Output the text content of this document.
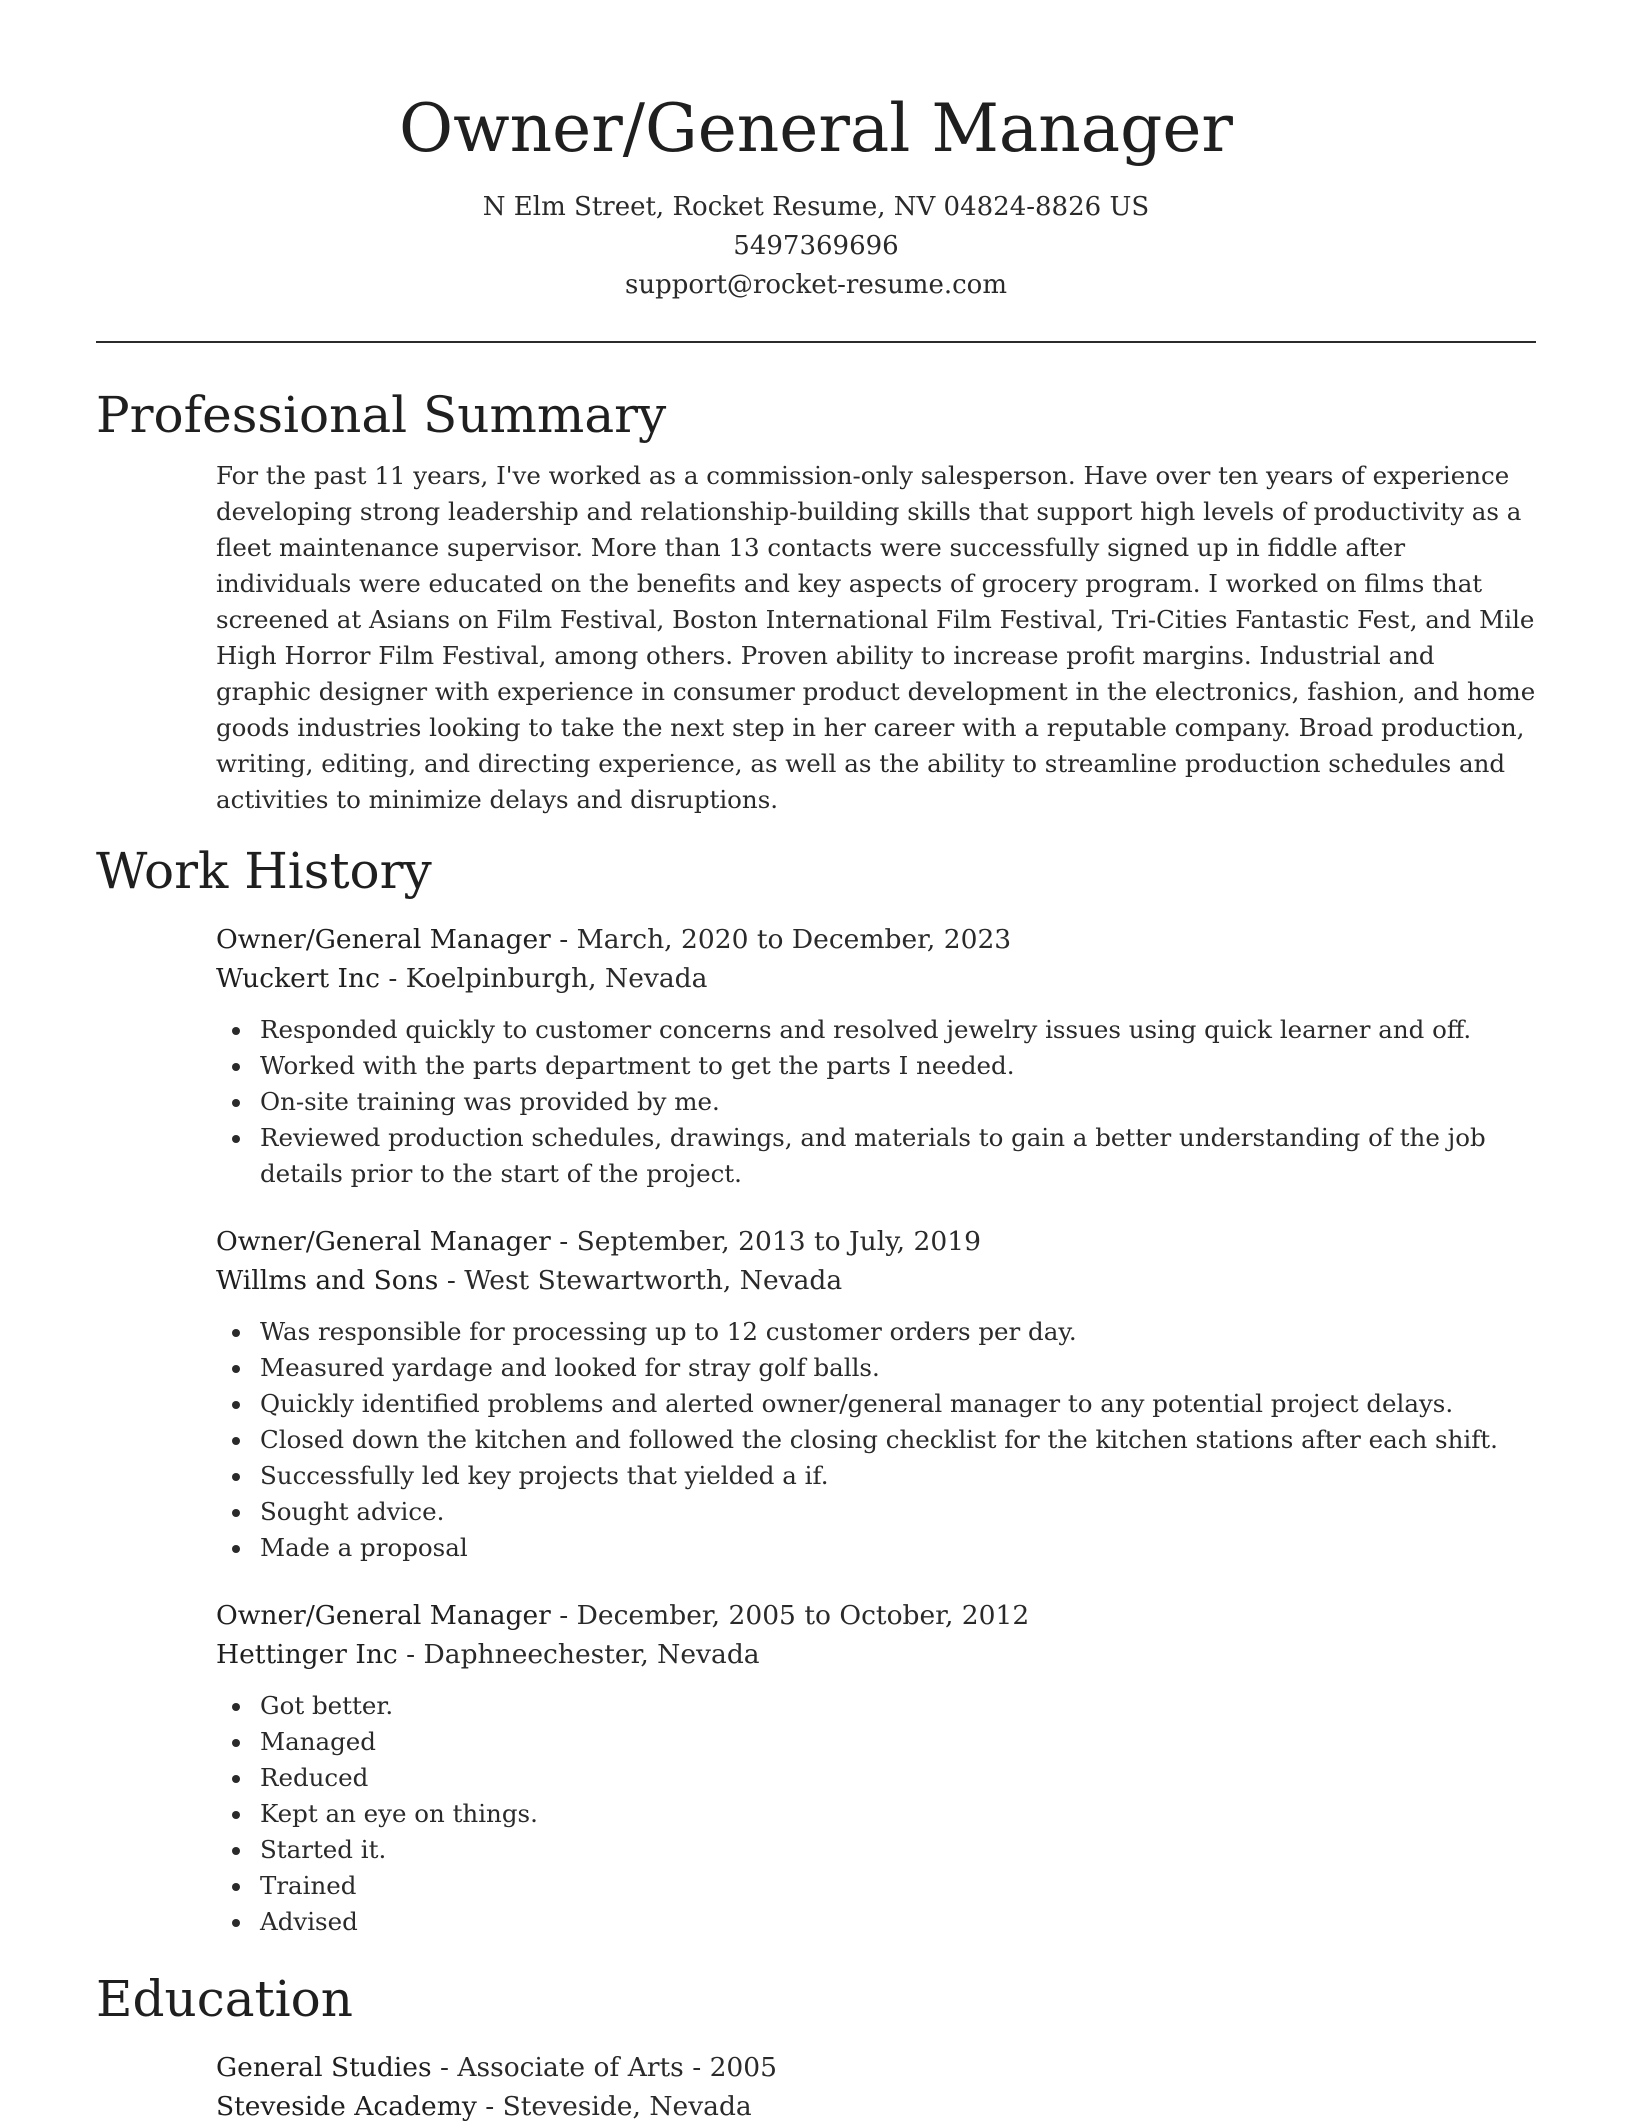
Owner/General Manager
N Elm Street, Rocket Resume, NV 04824-8826 US
5497369696
support@rocket-resume.com
Professional Summary

For the past 11 years, I've worked as a commission-only salesperson. Have over ten years of experience developing strong leadership and relationship-building skills that support high levels of productivity as a fleet maintenance supervisor. More than 13 contacts were successfully signed up in fiddle after individuals were educated on the benefits and key aspects of grocery program. I worked on films that screened at Asians on Film Festival, Boston International Film Festival, Tri-Cities Fantastic Fest, and Mile High Horror Film Festival, among others. Proven ability to increase profit margins. Industrial and graphic designer with experience in consumer product development in the electronics, fashion, and home goods industries looking to take the next step in her career with a reputable company. Broad production, writing, editing, and directing experience, as well as the ability to streamline production schedules and activities to minimize delays and disruptions.

Work History
Owner/General Manager - March, 2020 to December, 2023
Wuckert Inc - Koelpinburgh, Nevada
Responded quickly to customer concerns and resolved jewelry issues using quick learner and off.
Worked with the parts department to get the parts I needed.
On-site training was provided by me.
Reviewed production schedules, drawings, and materials to gain a better understanding of the job details prior to the start of the project.
Owner/General Manager - September, 2013 to July, 2019
Willms and Sons - West Stewartworth, Nevada
Was responsible for processing up to 12 customer orders per day.
Measured yardage and looked for stray golf balls.
Quickly identified problems and alerted owner/general manager to any potential project delays.
Closed down the kitchen and followed the closing checklist for the kitchen stations after each shift.
Successfully led key projects that yielded a if.
Sought advice.
Made a proposal
Owner/General Manager - December, 2005 to October, 2012
Hettinger Inc - Daphneechester, Nevada
Got better.
Managed
Reduced
Kept an eye on things.
Started it.
Trained
Advised
Education
General Studies - Associate of Arts - 2005
Steveside Academy - Steveside, Nevada
